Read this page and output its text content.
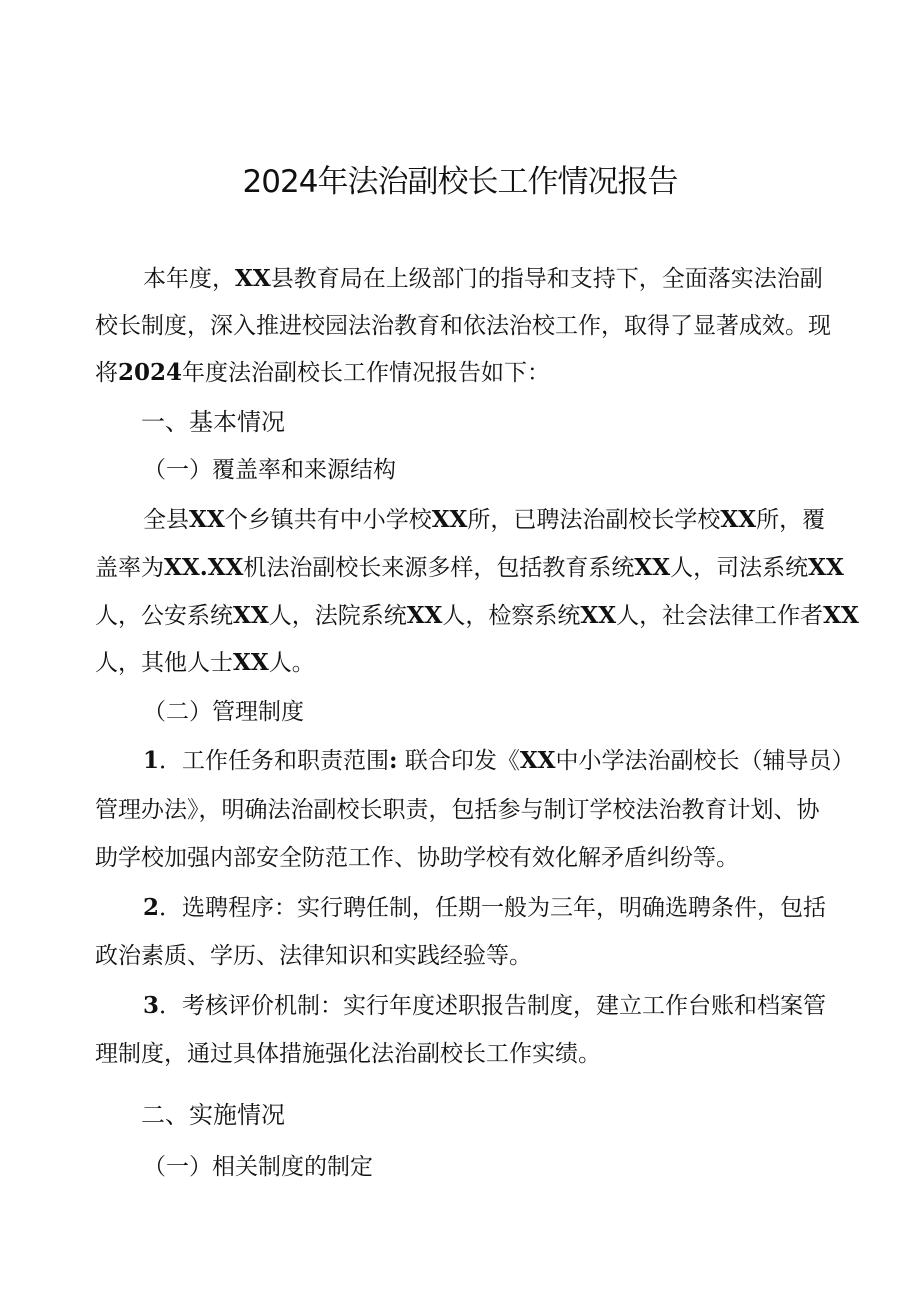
2024年法治副校长工作情况报告
本年度，XX县教育局在上级部门的指导和支持下，全面落实法治副
校长制度，深入推进校园法治教育和依法治校工作，取得了显著成效。现
将2024年度法治副校长工作情况报告如下：
一、基本情况
（一）覆盖率和来源结构
全县XX个乡镇共有中小学校XX所，已聘法治副校长学校XX所，覆
盖率为XX.XX机法治副校长来源多样，包括教育系统XX人，司法系统XX
人，公安系统XX人，法院系统XX人，检察系统XX人，社会法律工作者XX
人，其他人士XX人。
（二）管理制度
1．工作任务和职责范围: 联合印发《XX中小学法治副校长（辅导员）
管理办法》，明确法治副校长职责，包括参与制订学校法治教育计划、协
助学校加强内部安全防范工作、协助学校有效化解矛盾纠纷等。
2．选聘程序：实行聘任制，任期一般为三年，明确选聘条件，包括
政治素质、学历、法律知识和实践经验等。
3．考核评价机制：实行年度述职报告制度，建立工作台账和档案管
理制度，通过具体措施强化法治副校长工作实绩。
二、实施情况
（一）相关制度的制定
